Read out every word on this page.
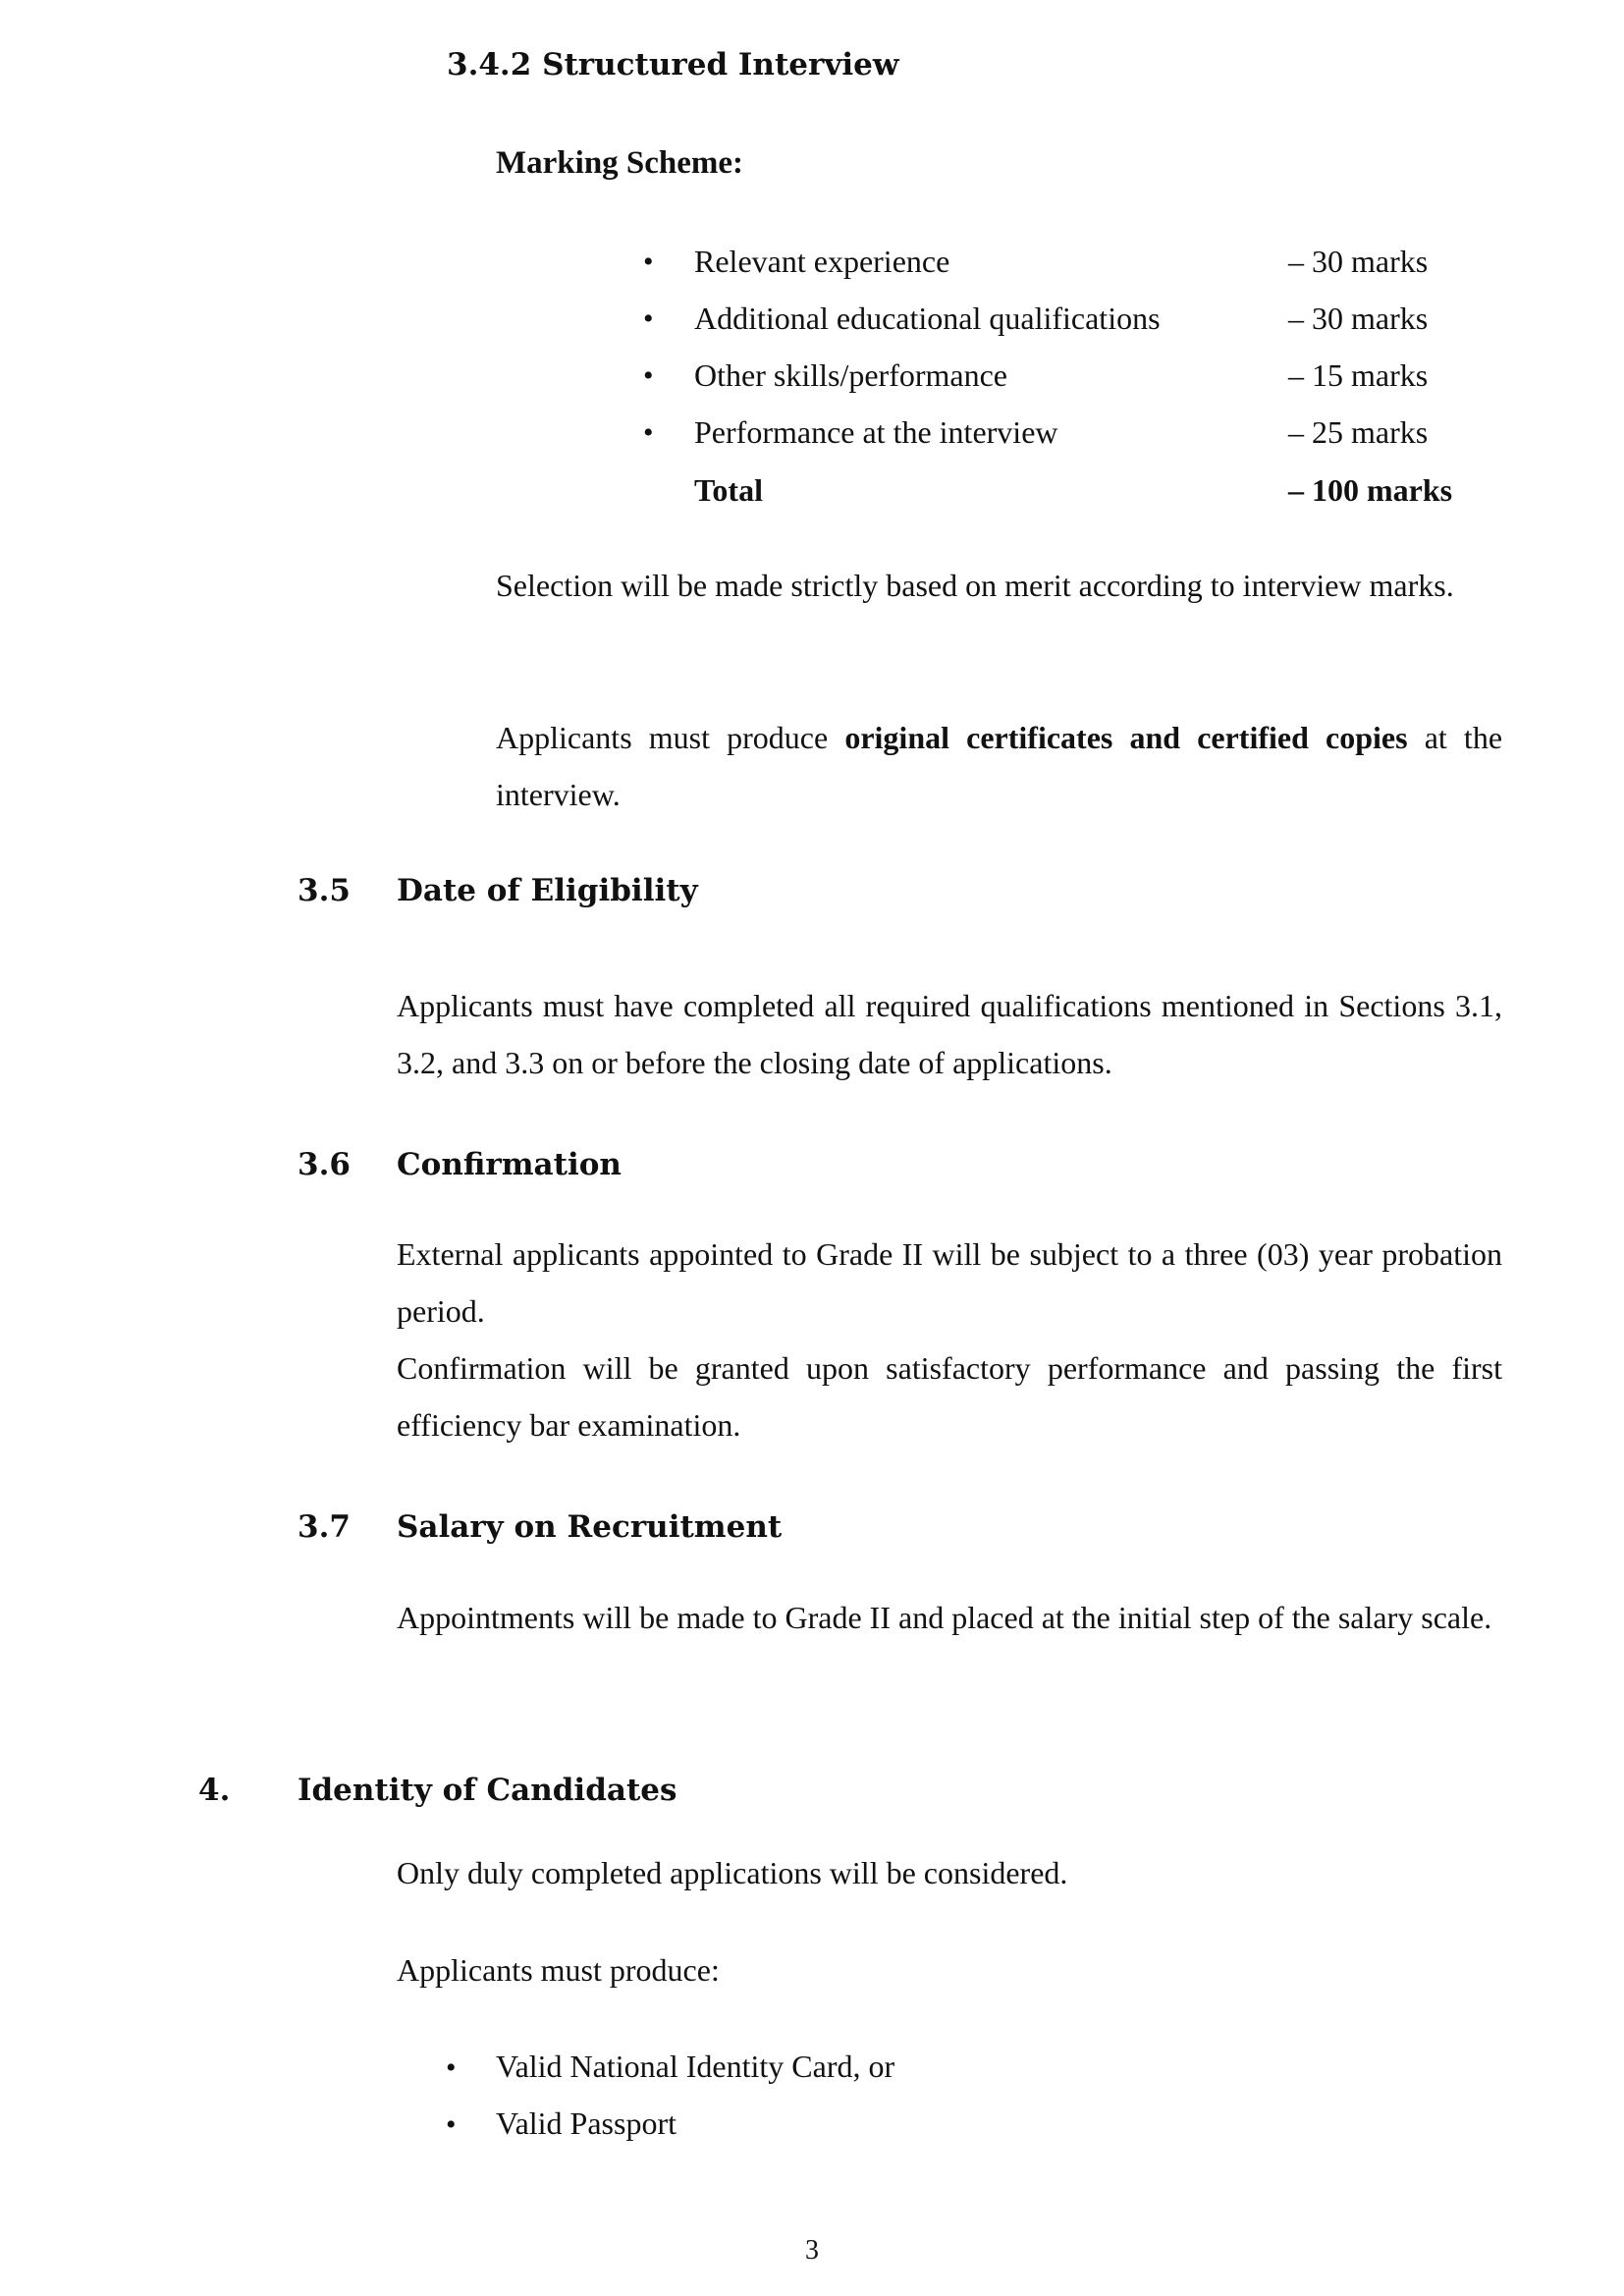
3.4.2 Structured Interview
Marking Scheme:
• Relevant experience	– 30 marks
• Additional educational qualifications	– 30 marks
• Other skills/performance	– 15 marks
• Performance at the interview	– 25 marks
Total	– 100 marks
Selection will be made strictly based on merit according to interview marks.
Applicants must produce original certificates and certified copies at the interview.
3.5 Date of Eligibility
Applicants must have completed all required qualifications mentioned in Sections 3.1, 3.2, and 3.3 on or before the closing date of applications.
3.6 Confirmation
External applicants appointed to Grade II will be subject to a three (03) year probation period.
Confirmation will be granted upon satisfactory performance and passing the first efficiency bar examination.
3.7 Salary on Recruitment
Appointments will be made to Grade II and placed at the initial step of the salary scale.
4. Identity of Candidates
Only duly completed applications will be considered.
Applicants must produce:
• Valid National Identity Card, or
• Valid Passport
3
